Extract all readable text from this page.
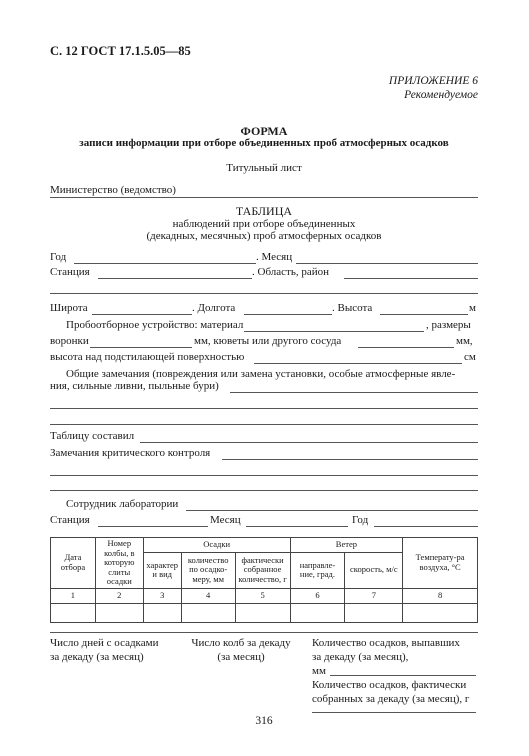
С. 12 ГОСТ 17.1.5.05—85
ПРИЛОЖЕНИЕ 6
Рекомендуемое
ФОРМА
записи информации при отборе объединенных проб атмосферных осадков
Титульный лист
Министерство (ведомство)
ТАБЛИЦА
наблюдений при отборе объединенных
(декадных, месячных) проб атмосферных осадков
Год	. Месяц
Станция	. Область, район
Широта	. Долгота	. Высота	м
Пробоотборное устройство: материал	, размеры
воронки	мм, кюветы или другого сосуда	мм,
высота над подстилающей поверхностью	см
Общие замечания (повреждения или замена установки, особые атмосферные явле-
ния, сильные ливни, пыльные бури)
Таблицу составил
Замечания критического контроля
Сотрудник лаборатории
Станция	Месяц	Год
Дата отбора	Номер колбы, в которую слиты осадки	Осадки			Ветер		Температу-ра воздуха, °С
		характер и вид	количество по осадко-меру, мм	фактически собранное количество, г	направле-ние, град.	скорость, м/с	
1	2	3	4	5	6	7	8

Число дней с осадками
за декаду (за месяц)
Число колб за декаду
(за месяц)
Количество осадков, выпавших
за декаду (за месяц),
мм
Количество осадков, фактически
собранных за декаду (за месяц), г
316
